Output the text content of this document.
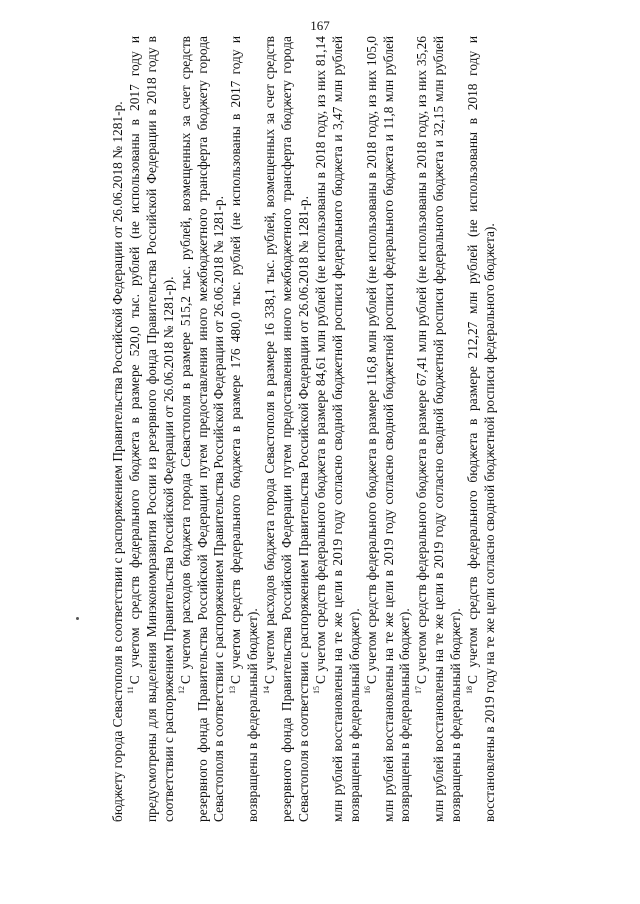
167

бюджету города Севастополя в соответствии с распоряжением Правительства Российской Федерации от 26.06.2018 № 1281-р. $^{11}$С учетом средств федерального бюджета в размере 520,0 тыс. рублей (не использованы в 2017 году и предусмотрены для выделения Минэкономразвития России из резервного фонда Правительства Российской Федерации в 2018 году в соответствии с распоряжением Правительства Российской Федерации от 26.06.2018 № 1281-р). $^{12}$С учетом расходов бюджета города Севастополя в размере 515,2 тыс. рублей, возмещенных за счет средств резервного фонда Правительства Российской Федерации путем предоставления иного межбюджетного трансферта бюджету города Севастополя в соответствии с распоряжением Правительства Российской Федерации от 26.06.2018 № 1281-р. $^{13}$С учетом средств федерального бюджета в размере 176 480,0 тыс. рублей (не использованы в 2017 году и возвращены в федеральный бюджет). $^{14}$С учетом расходов бюджета города Севастополя в размере 16 338,1 тыс. рублей, возмещенных за счет средств резервного фонда Правительства Российской Федерации путем предоставления иного межбюджетного трансферта бюджету города Севастополя в соответствии с распоряжением Правительства Российской Федерации от 26.06.2018 № 1281-р. $^{15}$С учетом средств федерального бюджета в размере 84,61 млн рублей (не использованы в 2018 году, из них 81,14 млн рублей восстановлены на те же цели в 2019 году согласно сводной бюджетной росписи федерального бюджета и 3,47 млн рублей возвращены в федеральный бюджет). $^{16}$С учетом средств федерального бюджета в размере 116,8 млн рублей (не использованы в 2018 году, из них 105,0 млн рублей восстановлены на те же цели в 2019 году согласно сводной бюджетной росписи федерального бюджета и 11,8 млн рублей возвращены в федеральный бюджет). $^{17}$С учетом средств федерального бюджета в размере 67,41 млн рублей (не использованы в 2018 году, из них 35,26 млн рублей восстановлены на те же цели в 2019 году согласно сводной бюджетной росписи федерального бюджета и 32,15 млн рублей возвращены в федеральный бюджет). $^{18}$С учетом средств федерального бюджета в размере 212,27 млн рублей (не использованы в 2018 году и восстановлены в 2019 году на те же цели согласно сводной бюджетной росписи федерального бюджета).
